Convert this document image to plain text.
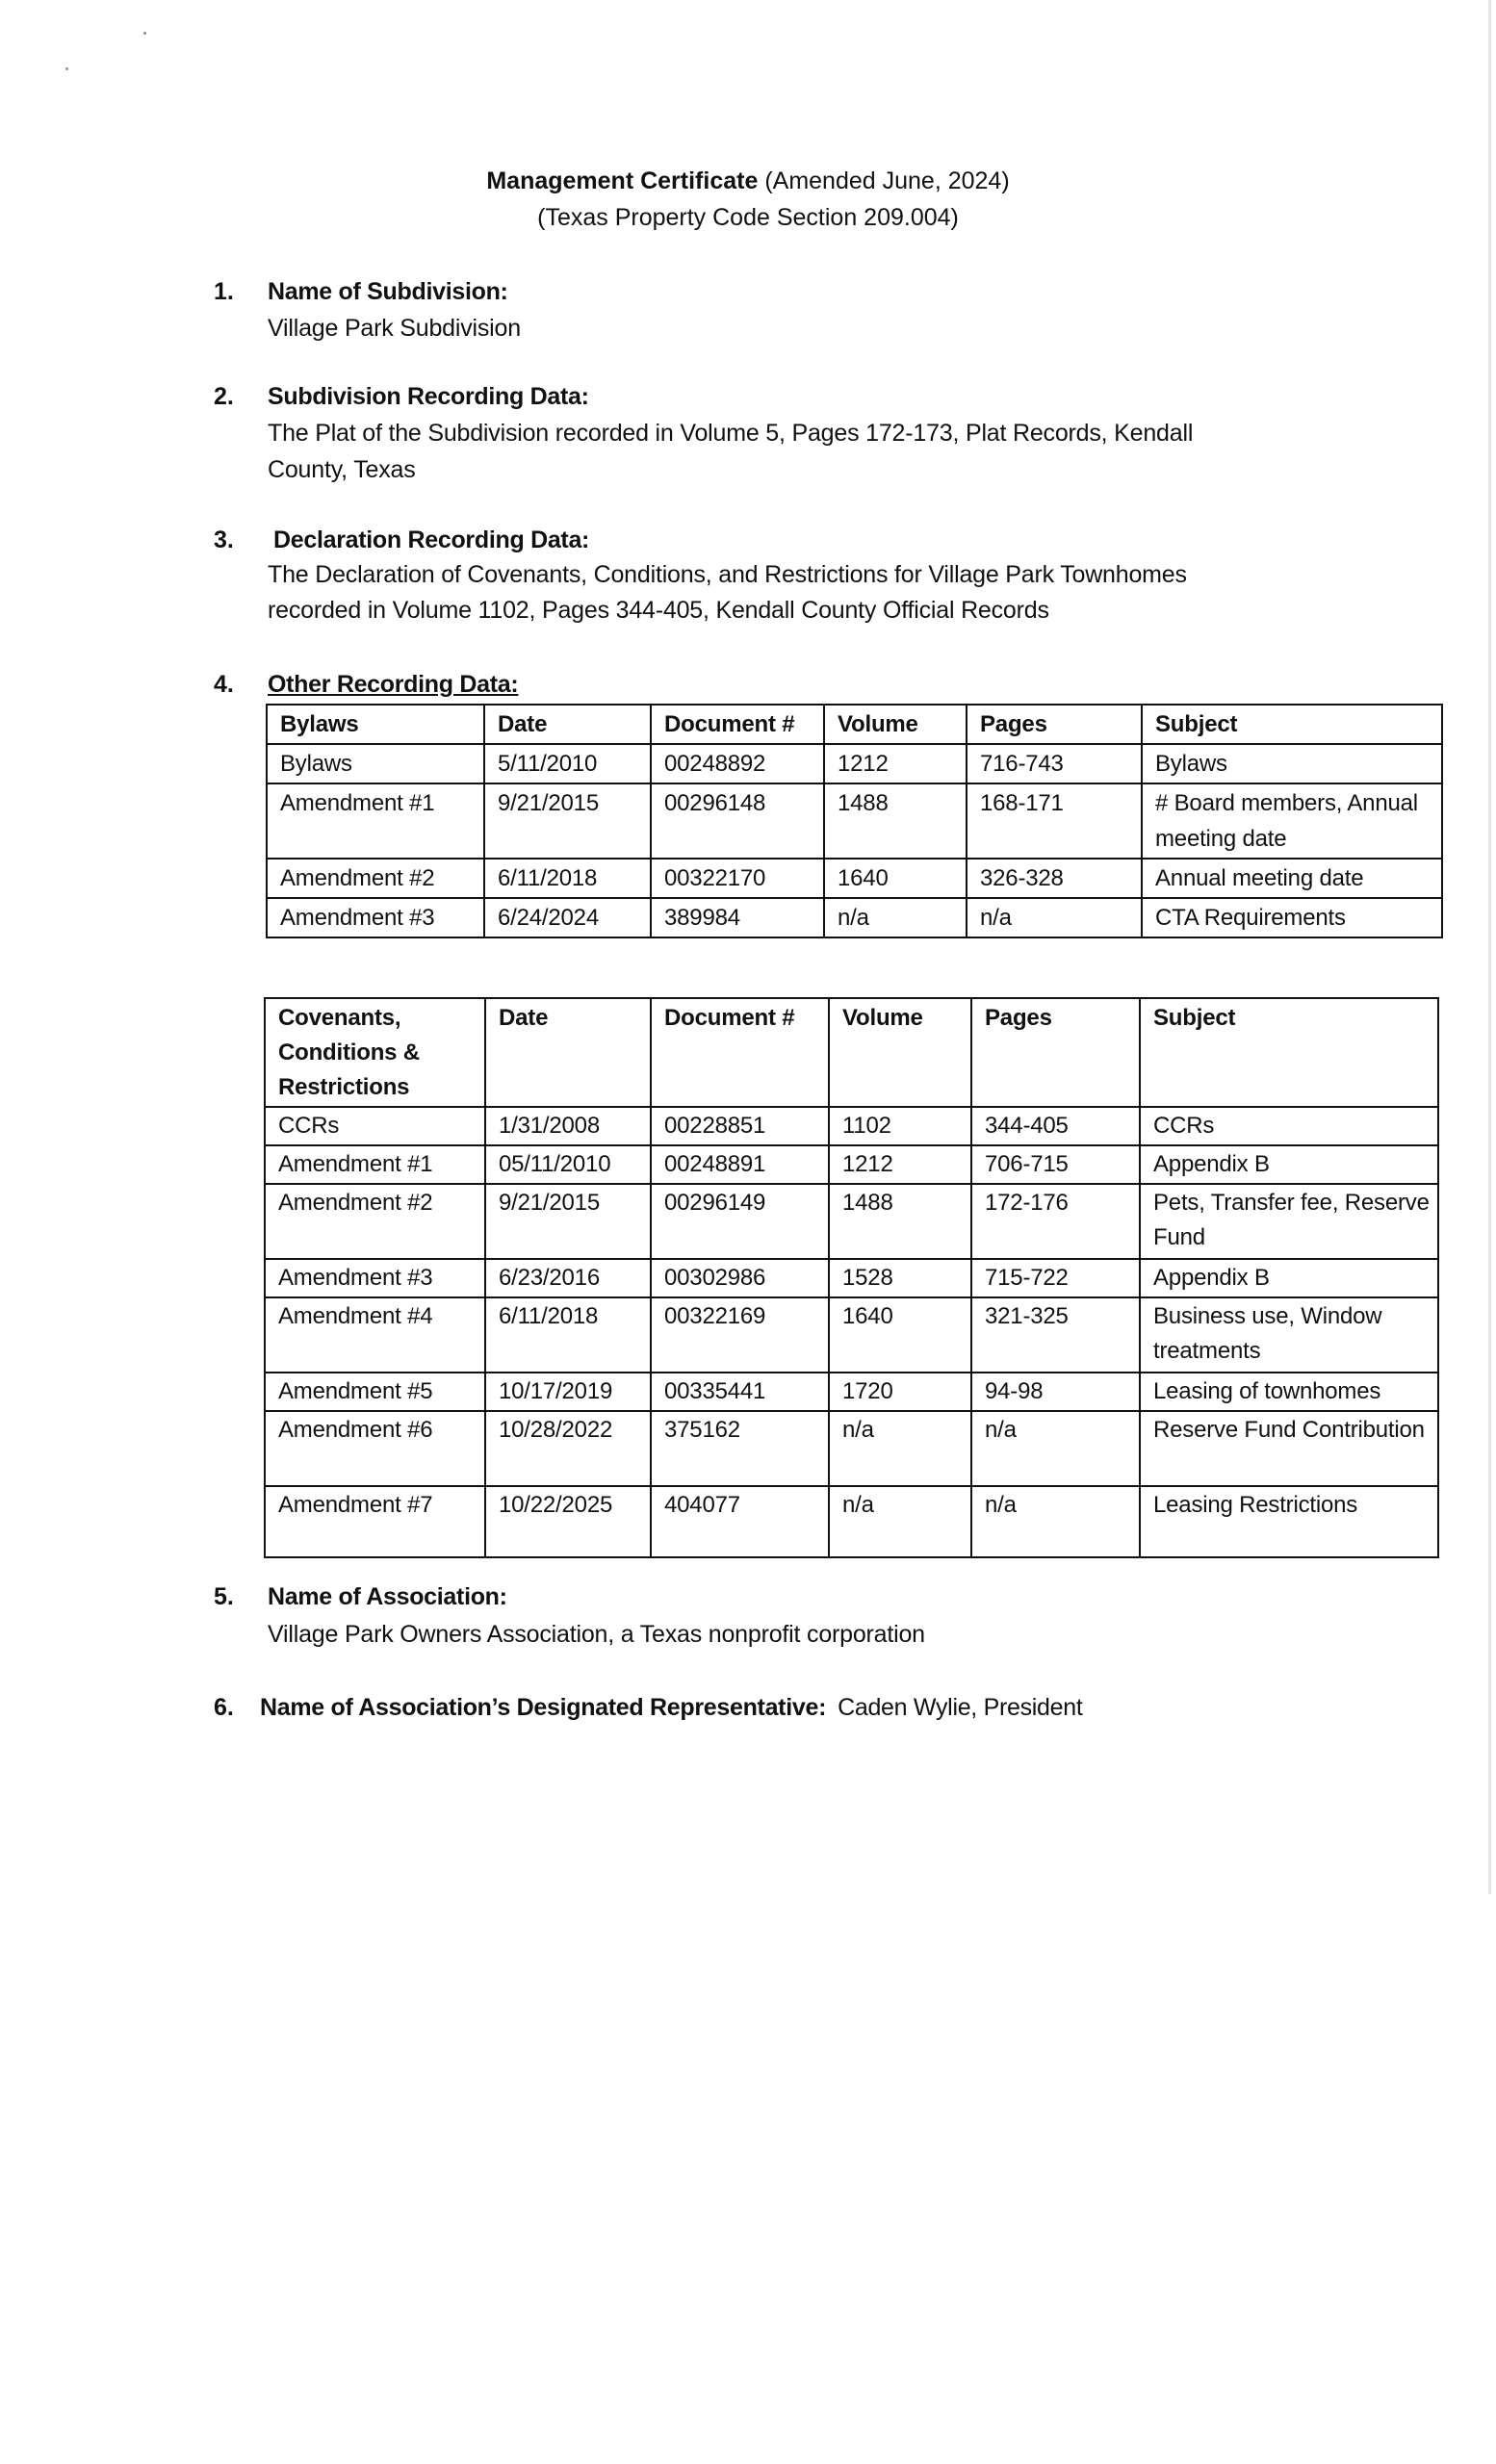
Management Certificate (Amended June, 2024)
(Texas Property Code Section 209.004)
1. Name of Subdivision:
Village Park Subdivision
2. Subdivision Recording Data:
The Plat of the Subdivision recorded in Volume 5, Pages 172-173, Plat Records, Kendall
County, Texas
3. Declaration Recording Data:
The Declaration of Covenants, Conditions, and Restrictions for Village Park Townhomes
recorded in Volume 1102, Pages 344-405, Kendall County Official Records
4. Other Recording Data:
Bylaws	Date	Document #	Volume	Pages	Subject
Bylaws	5/11/2010	00248892	1212	716-743	Bylaws
Amendment #1	9/21/2015	00296148	1488	168-171	# Board members, Annual meeting date
Amendment #2	6/11/2018	00322170	1640	326-328	Annual meeting date
Amendment #3	6/24/2024	389984	n/a	n/a	CTA Requirements
Covenants, Conditions & Restrictions	Date	Document #	Volume	Pages	Subject
CCRs	1/31/2008	00228851	1102	344-405	CCRs
Amendment #1	05/11/2010	00248891	1212	706-715	Appendix B
Amendment #2	9/21/2015	00296149	1488	172-176	Pets, Transfer fee, Reserve Fund
Amendment #3	6/23/2016	00302986	1528	715-722	Appendix B
Amendment #4	6/11/2018	00322169	1640	321-325	Business use, Window treatments
Amendment #5	10/17/2019	00335441	1720	94-98	Leasing of townhomes
Amendment #6	10/28/2022	375162	n/a	n/a	Reserve Fund Contribution
Amendment #7	10/22/2025	404077	n/a	n/a	Leasing Restrictions
5. Name of Association:
Village Park Owners Association, a Texas nonprofit corporation
6. Name of Association’s Designated Representative: Caden Wylie, President
